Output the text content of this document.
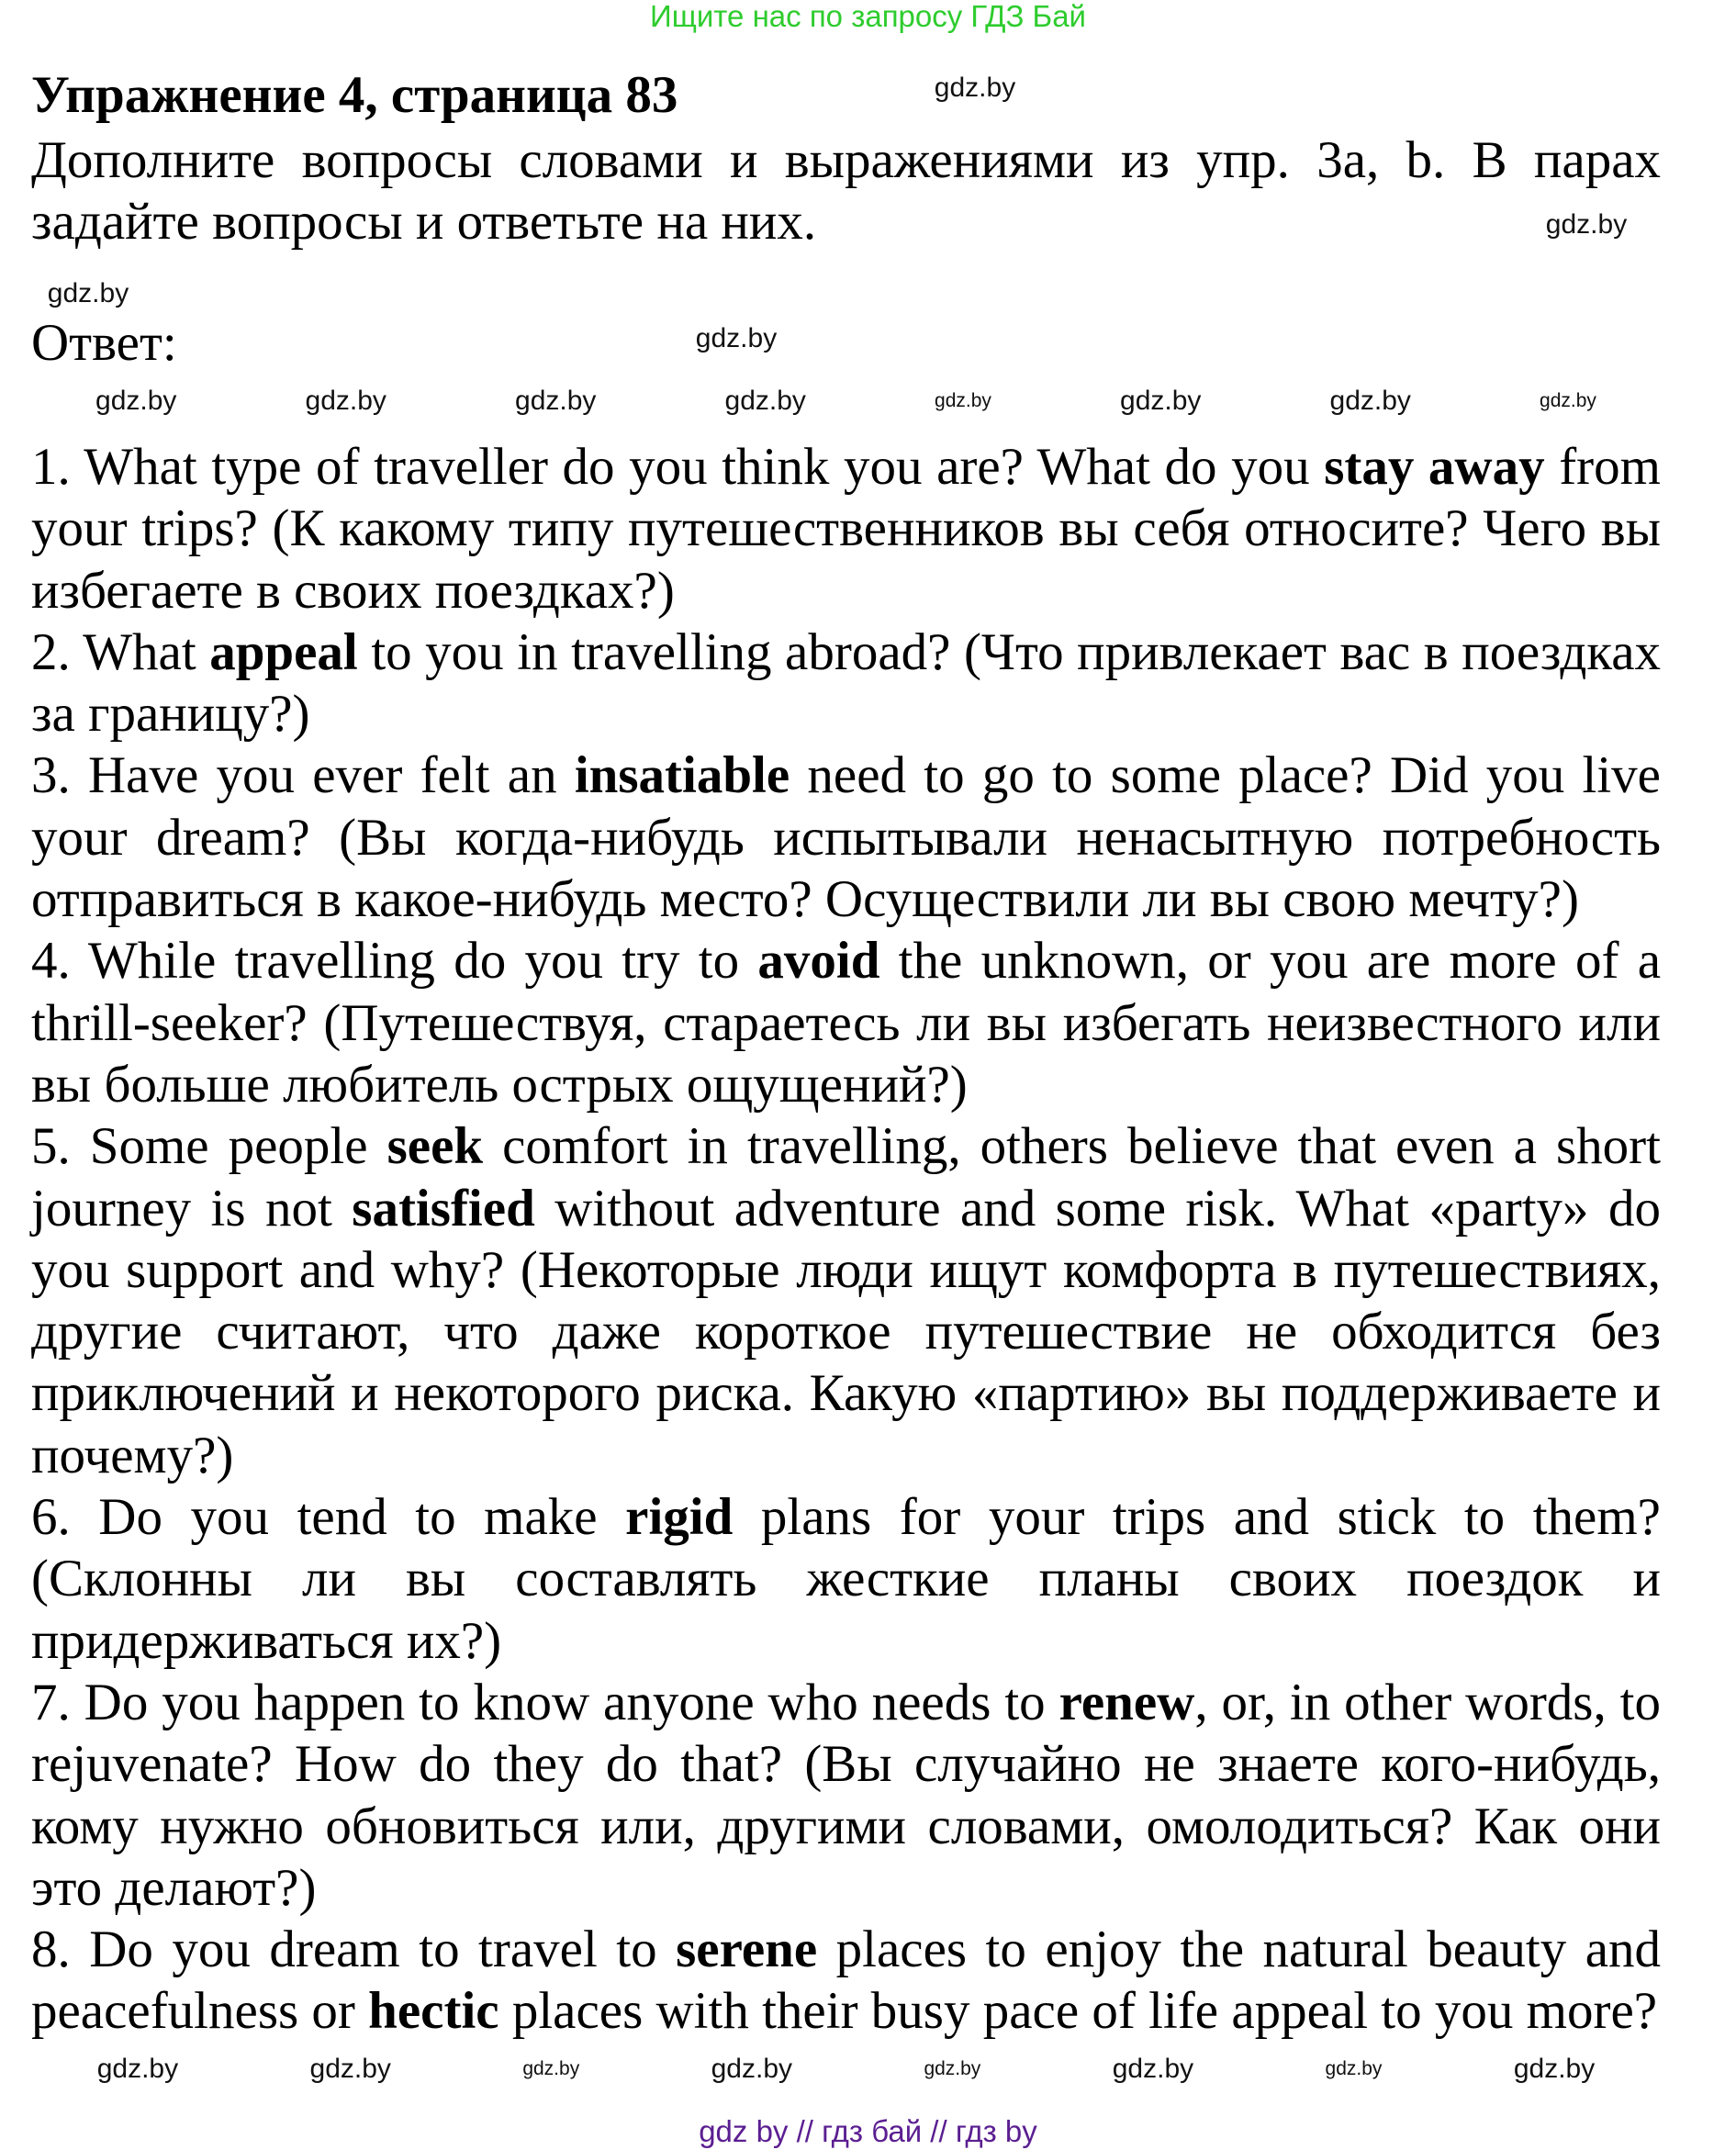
Ищите нас по запросу ГДЗ Бай
Упражнение 4, страница 83
Дополните вопросы словами и выражениями из упр. 3a, b. В парах задайте вопросы и ответьте на них.
Ответ:
gdz.by
gdz.by
gdz.by
gdz.by
gdz.by	gdz.by	gdz.by	gdz.by	gdz.by	gdz.by	gdz.by	gdz.by

1. What type of traveller do you think you are? What do you stay away from your trips? (К какому типу путешественников вы себя относите? Чего вы избегаете в своих поездках?)

2. What appeal to you in travelling abroad? (Что привлекает вас в поездках за границу?)

3. Have you ever felt an insatiable need to go to some place? Did you live your dream? (Вы когда-нибудь испытывали ненасытную потребность отправиться в какое-нибудь место? Осуществили ли вы свою мечту?)

4. While travelling do you try to avoid the unknown, or you are more of a thrill-seeker? (Путешествуя, стараетесь ли вы избегать неизвестного или вы больше любитель острых ощущений?)

5. Some people seek comfort in travelling, others believe that even a short journey is not satisfied without adventure and some risk. What «party» do you support and why? (Некоторые люди ищут комфорта в путешествиях, другие считают, что даже короткое путешествие не обходится без приключений и некоторого риска. Какую «партию» вы поддерживаете и почему?)

6. Do you tend to make rigid plans for your trips and stick to them? (Склонны ли вы составлять жесткие планы своих поездок и придерживаться их?)

7. Do you happen to know anyone who needs to renew, or, in other words, to rejuvenate? How do they do that? (Вы случайно не знаете кого-нибудь, кому нужно обновиться или, другими словами, омолодиться? Как они это делают?)

8. Do you dream to travel to serene places to enjoy the natural beauty and peacefulness or hectic places with their busy pace of life appeal to you more?

gdz.by	gdz.by	gdz.by	gdz.by	gdz.by	gdz.by	gdz.by	gdz.by
gdz by // гдз бай // гдз by
